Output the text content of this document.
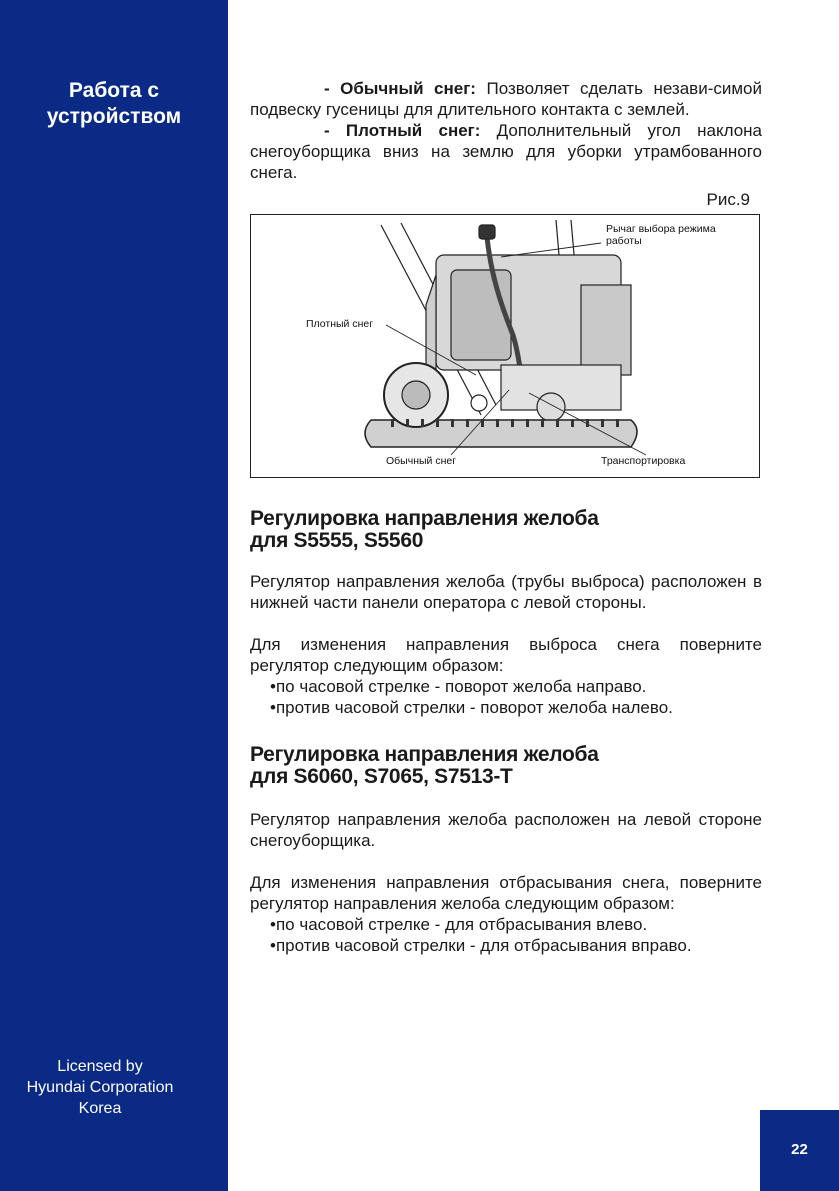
Работа с
устройством
Licensed by
Hyundai Corporation
Korea
22

- Обычный снег: Позволяет сделать незави-симой подвеску гусеницы для длительного контакта с землей.

- Плотный снег: Дополнительный угол наклона снегоуборщика вниз на землю для уборки утрамбованного снега.

Рис.9
Рычаг выбора режима работы
Плотный снег
Обычный снег	Транспортировка
Регулировка направления желоба
для S5555, S5560

Регулятор направления желоба (трубы выброса) расположен в нижней части панели оператора с левой стороны.

Для изменения направления выброса снега поверните регулятор следующим образом:

•по часовой стрелке - поворот желоба направо.

•против часовой стрелки - поворот желоба налево.

Регулировка направления желоба
для S6060, S7065, S7513-T

Регулятор направления желоба расположен на левой стороне снегоуборщика.

Для изменения направления отбрасывания снега, поверните регулятор направления желоба следующим образом:

•по часовой стрелке - для отбрасывания влево.

•против часовой стрелки - для отбрасывания вправо.
